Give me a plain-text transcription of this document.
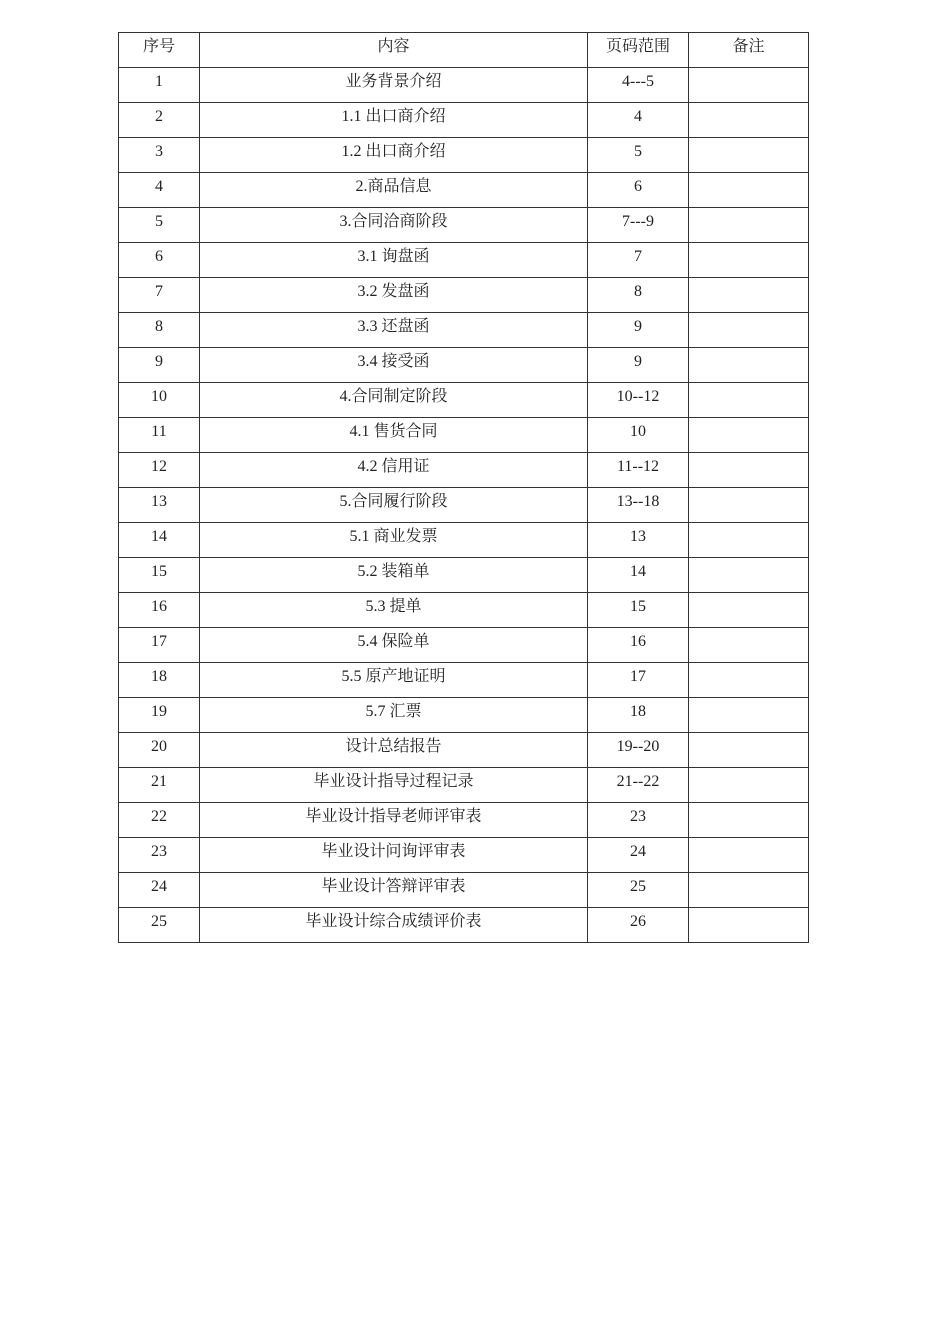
序号	内容	页码范围	备注
1	业务背景介绍	4---5	
2	1.1 出口商介绍	4	
3	1.2 出口商介绍	5	
4	2.商品信息	6	
5	3.合同洽商阶段	7---9	
6	3.1 询盘函	7	
7	3.2 发盘函	8	
8	3.3 还盘函	9	
9	3.4 接受函	9	
10	4.合同制定阶段	10--12	
11	4.1 售货合同	10	
12	4.2 信用证	11--12	
13	5.合同履行阶段	13--18	
14	5.1 商业发票	13	
15	5.2 装箱单	14	
16	5.3 提单	15	
17	5.4 保险单	16	
18	5.5 原产地证明	17	
19	5.7 汇票	18	
20	设计总结报告	19--20	
21	毕业设计指导过程记录	21--22	
22	毕业设计指导老师评审表	23	
23	毕业设计问询评审表	24	
24	毕业设计答辩评审表	25	
25	毕业设计综合成绩评价表	26	
